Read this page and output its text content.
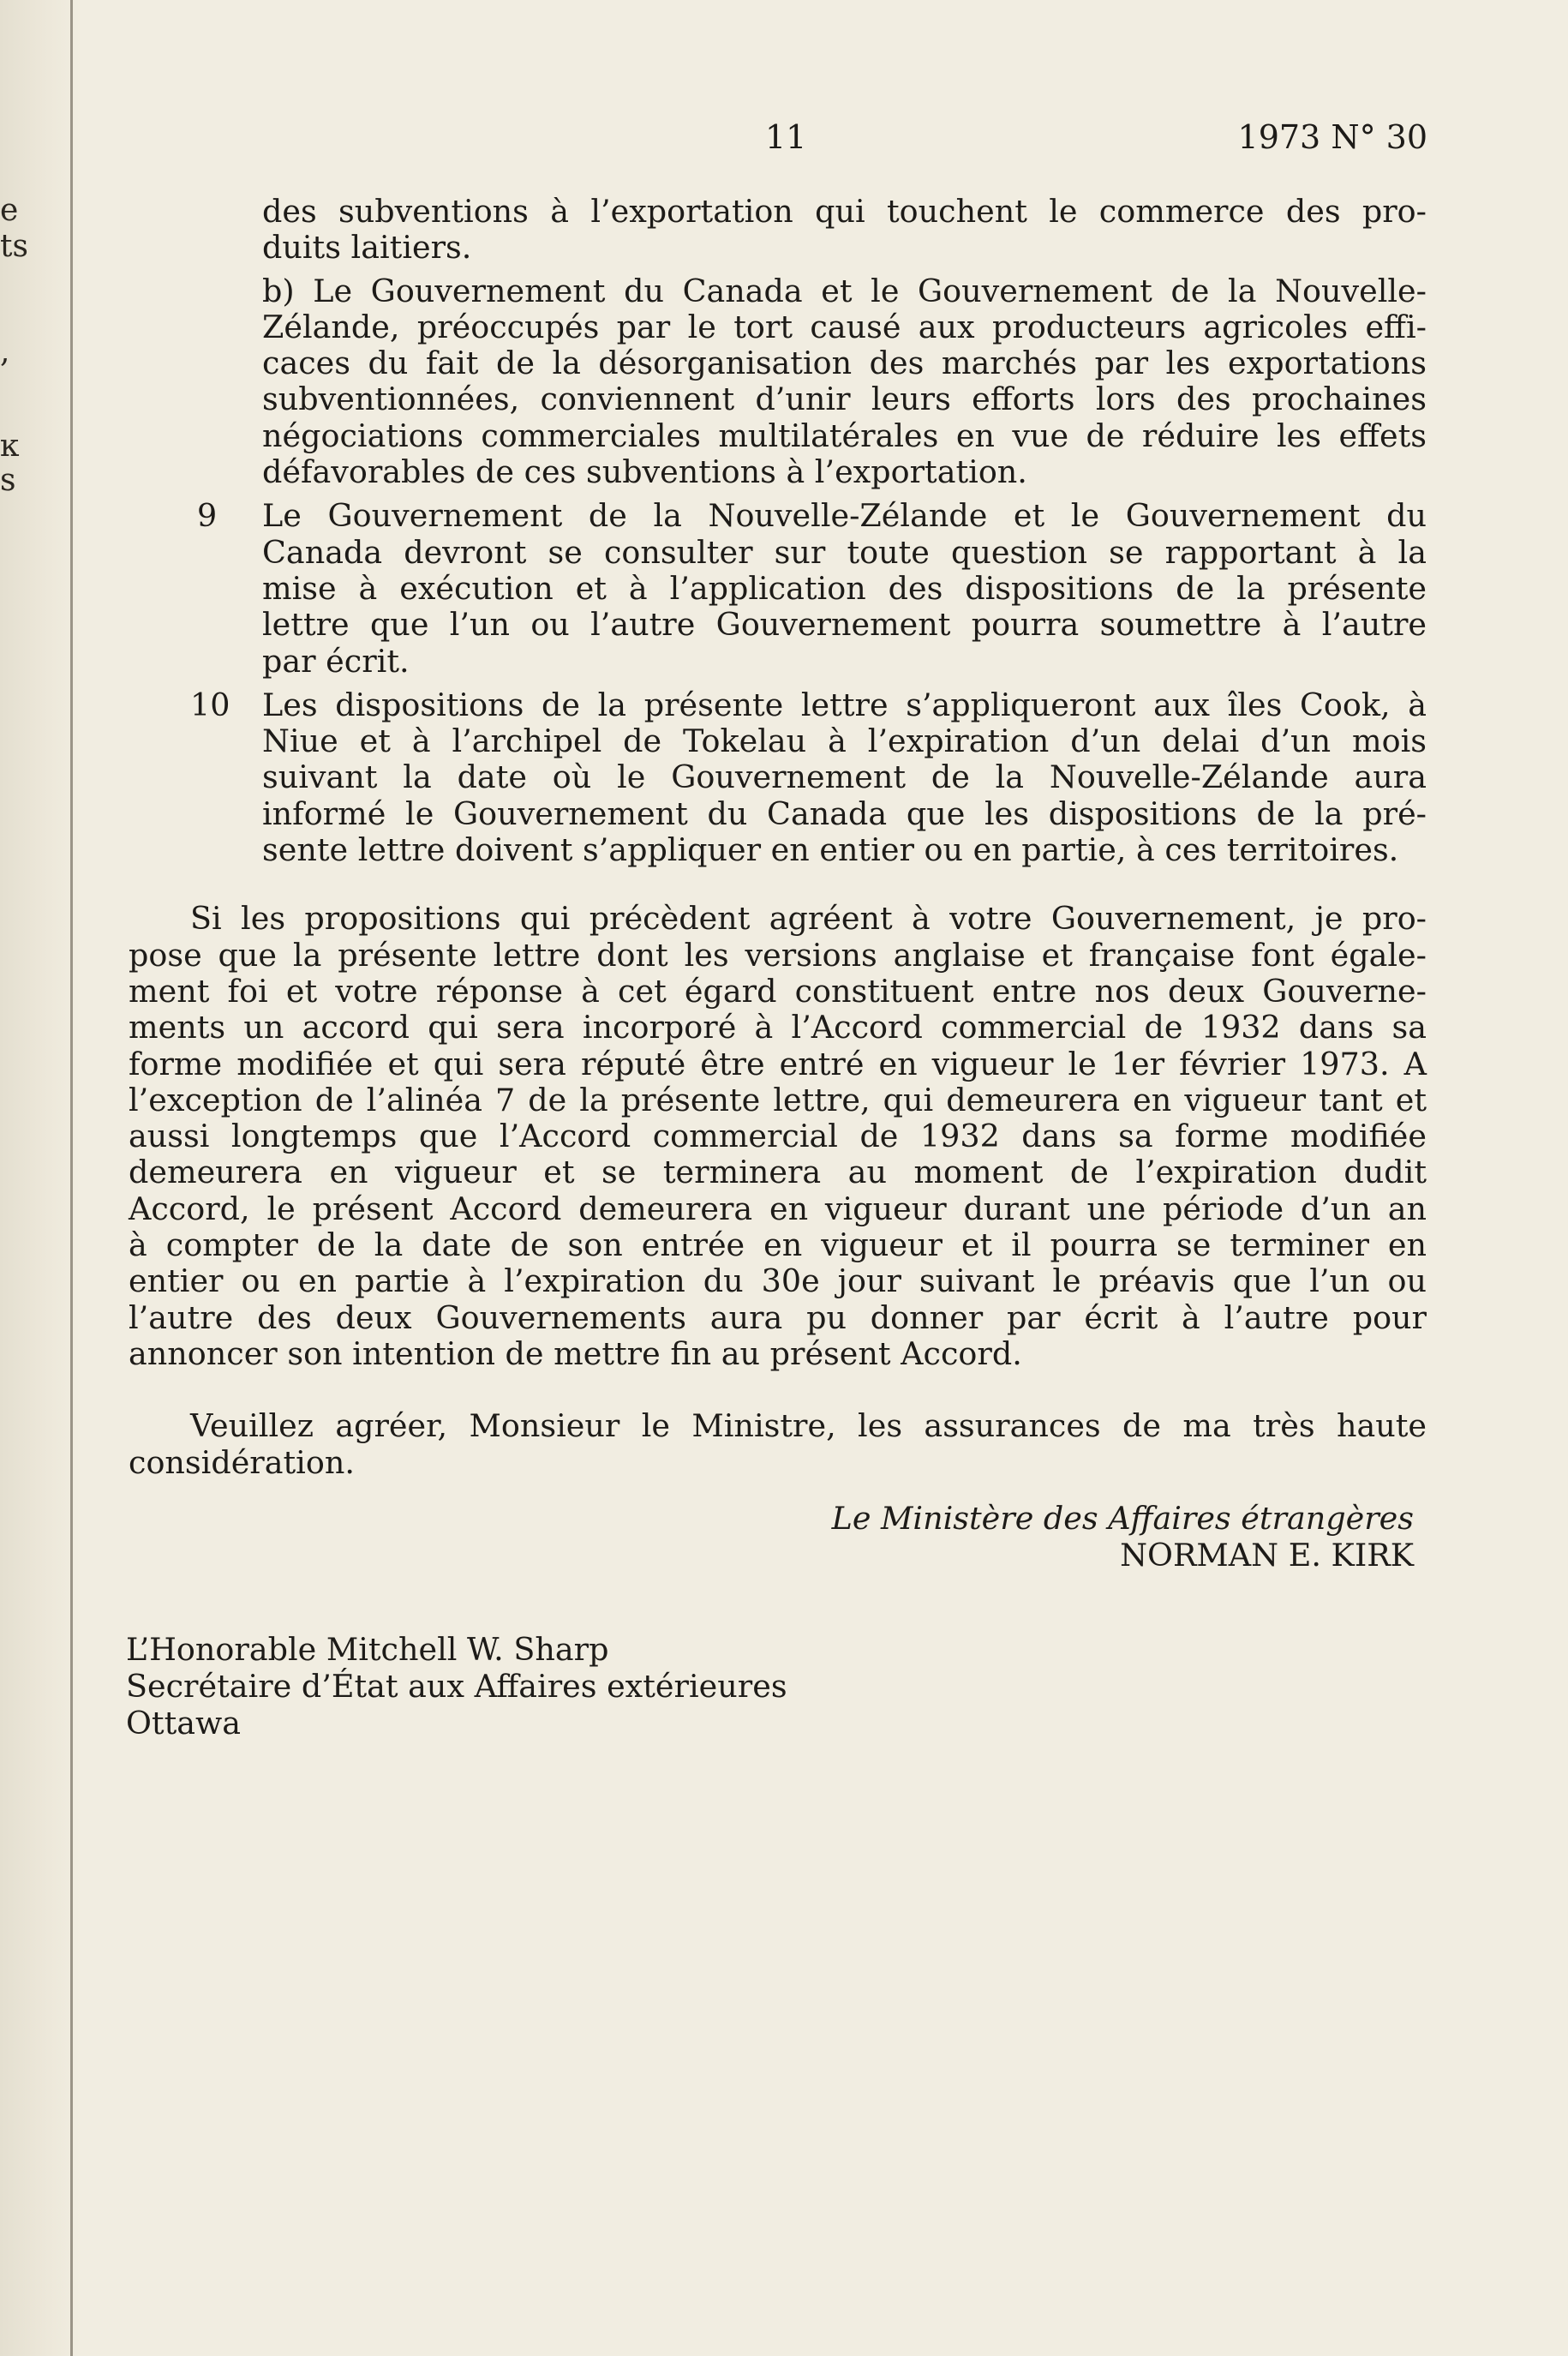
e
ts
,
ĸ
s
11	1973 N° 30
des subventions à l’exportation qui touchent le commerce des pro-
duits laitiers.
b) Le Gouvernement du Canada et le Gouvernement de la Nouvelle-
Zélande, préoccupés par le tort causé aux producteurs agricoles effi-
caces du fait de la désorganisation des marchés par les exportations
subventionnées, conviennent d’unir leurs efforts lors des prochaines
négociations commerciales multilatérales en vue de réduire les effets
défavorables de ces subventions à l’exportation.
9 Le Gouvernement de la Nouvelle-Zélande et le Gouvernement du
Canada devront se consulter sur toute question se rapportant à la
mise à exécution et à l’application des dispositions de la présente
lettre que l’un ou l’autre Gouvernement pourra soumettre à l’autre
par écrit.
10 Les dispositions de la présente lettre s’appliqueront aux îles Cook, à
Niue et à l’archipel de Tokelau à l’expiration d’un delai d’un mois
suivant la date où le Gouvernement de la Nouvelle-Zélande aura
informé le Gouvernement du Canada que les dispositions de la pré-
sente lettre doivent s’appliquer en entier ou en partie, à ces territoires.
Si les propositions qui précèdent agréent à votre Gouvernement, je pro-
pose que la présente lettre dont les versions anglaise et française font égale-
ment foi et votre réponse à cet égard constituent entre nos deux Gouverne-
ments un accord qui sera incorporé à l’Accord commercial de 1932 dans sa
forme modifiée et qui sera réputé être entré en vigueur le 1er février 1973. A
l’exception de l’alinéa 7 de la présente lettre, qui demeurera en vigueur tant et
aussi longtemps que l’Accord commercial de 1932 dans sa forme modifiée
demeurera en vigueur et se terminera au moment de l’expiration dudit
Accord, le présent Accord demeurera en vigueur durant une période d’un an
à compter de la date de son entrée en vigueur et il pourra se terminer en
entier ou en partie à l’expiration du 30e jour suivant le préavis que l’un ou
l’autre des deux Gouvernements aura pu donner par écrit à l’autre pour
annoncer son intention de mettre fin au présent Accord.
Veuillez agréer, Monsieur le Ministre, les assurances de ma très haute
considération.
Le Ministère des Affaires étrangères
NORMAN E. KIRK
L’Honorable Mitchell W. Sharp
Secrétaire d’État aux Affaires extérieures
Ottawa
